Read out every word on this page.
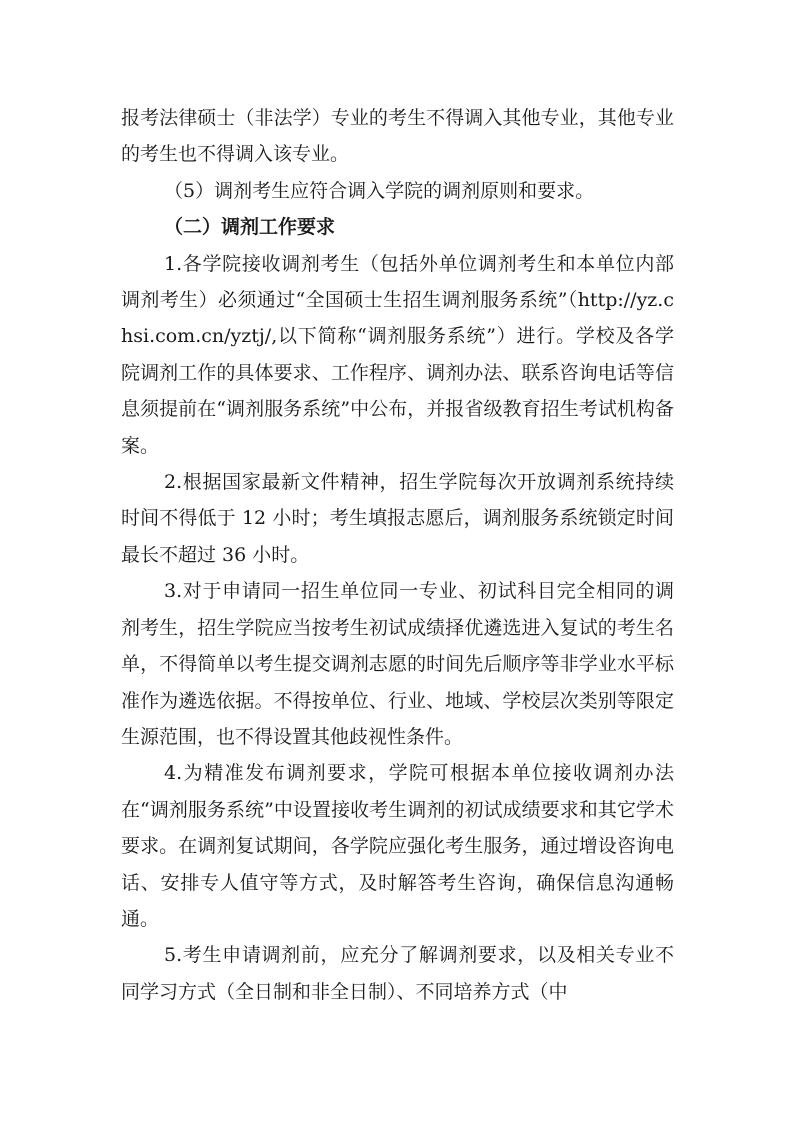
报考法律硕士（非法学）专业的考生不得调入其他专业，其他专业的考生也不得调入该专业。

（5）调剂考生应符合调入学院的调剂原则和要求。

（二）调剂工作要求

1.各学院接收调剂考生（包括外单位调剂考生和本单位内部调剂考生）必须通过“全国硕士生招生调剂服务系统”（http://yz.chsi.com.cn/yztj/,以下简称“调剂服务系统”）进行。学校及各学院调剂工作的具体要求、工作程序、调剂办法、联系咨询电话等信息须提前在“调剂服务系统”中公布，并报省级教育招生考试机构备案。

2.根据国家最新文件精神，招生学院每次开放调剂系统持续时间不得低于 12 小时；考生填报志愿后，调剂服务系统锁定时间最长不超过 36 小时。

3.对于申请同一招生单位同一专业、初试科目完全相同的调剂考生，招生学院应当按考生初试成绩择优遴选进入复试的考生名单，不得简单以考生提交调剂志愿的时间先后顺序等非学业水平标准作为遴选依据。不得按单位、行业、地域、学校层次类别等限定生源范围，也不得设置其他歧视性条件。

4.为精准发布调剂要求，学院可根据本单位接收调剂办法在“调剂服务系统”中设置接收考生调剂的初试成绩要求和其它学术要求。在调剂复试期间，各学院应强化考生服务，通过增设咨询电话、安排专人值守等方式，及时解答考生咨询，确保信息沟通畅通。

5.考生申请调剂前，应充分了解调剂要求，以及相关专业不同学习方式（全日制和非全日制）、不同培养方式（中
